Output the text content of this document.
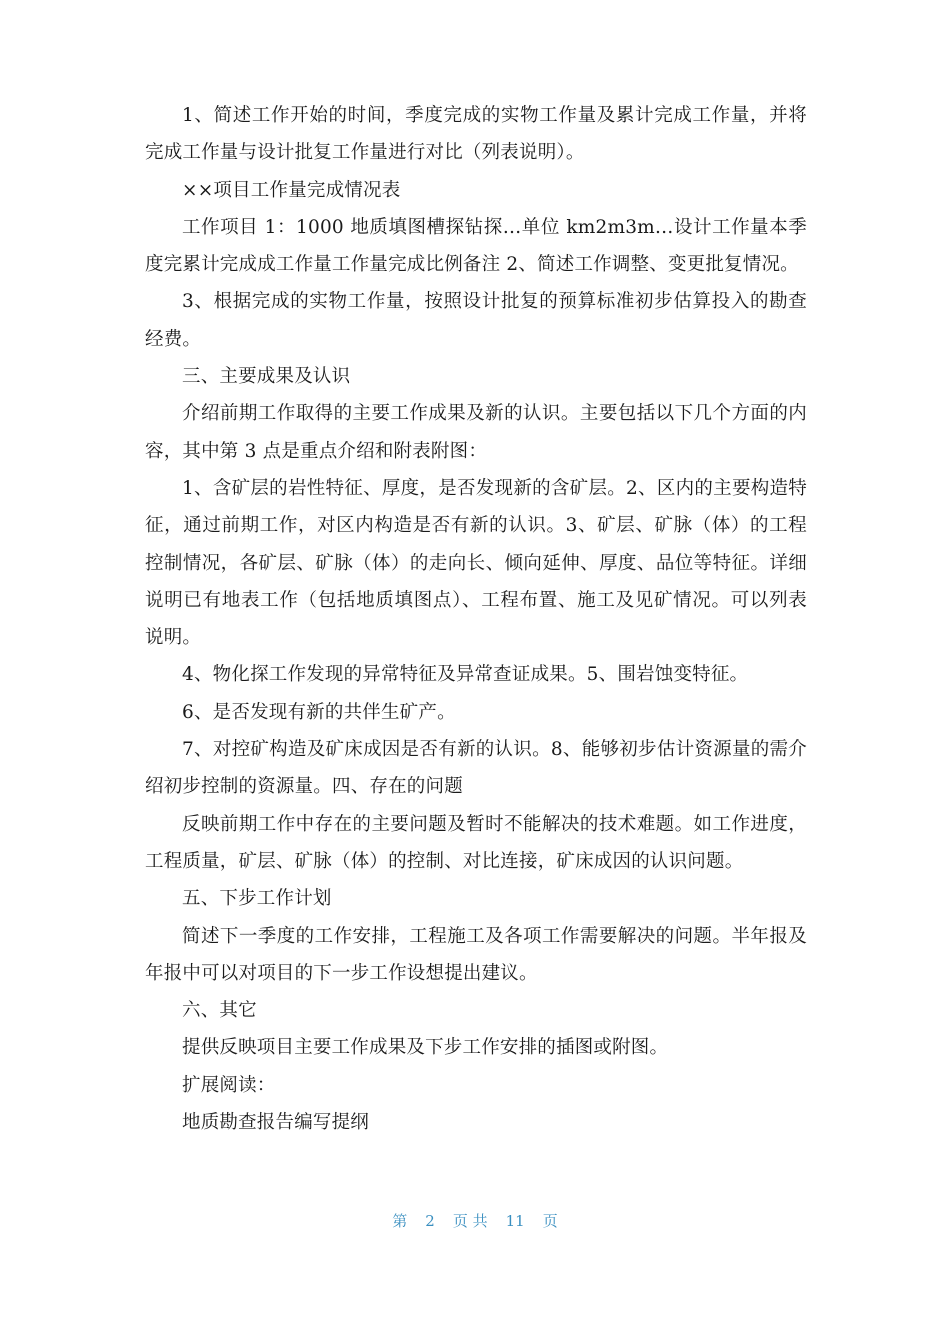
1、简述工作开始的时间，季度完成的实物工作量及累计完成工作量，并将完成工作量与设计批复工作量进行对比（列表说明）。

××项目工作量完成情况表

工作项目 1：1000 地质填图槽探钻探…单位 km2m3m…设计工作量本季度完累计完成成工作量工作量完成比例备注 2、简述工作调整、变更批复情况。

3、根据完成的实物工作量，按照设计批复的预算标准初步估算投入的勘查经费。

三、主要成果及认识

介绍前期工作取得的主要工作成果及新的认识。主要包括以下几个方面的内容，其中第 3 点是重点介绍和附表附图：

1、含矿层的岩性特征、厚度，是否发现新的含矿层。2、区内的主要构造特征，通过前期工作，对区内构造是否有新的认识。3、矿层、矿脉（体）的工程控制情况，各矿层、矿脉（体）的走向长、倾向延伸、厚度、品位等特征。详细说明已有地表工作（包括地质填图点）、工程布置、施工及见矿情况。可以列表说明。

4、物化探工作发现的异常特征及异常查证成果。5、围岩蚀变特征。

6、是否发现有新的共伴生矿产。

7、对控矿构造及矿床成因是否有新的认识。8、能够初步估计资源量的需介绍初步控制的资源量。四、存在的问题

反映前期工作中存在的主要问题及暂时不能解决的技术难题。如工作进度，工程质量，矿层、矿脉（体）的控制、对比连接，矿床成因的认识问题。

五、下步工作计划

简述下一季度的工作安排，工程施工及各项工作需要解决的问题。半年报及年报中可以对项目的下一步工作设想提出建议。

六、其它

提供反映项目主要工作成果及下步工作安排的插图或附图。

扩展阅读：

地质勘查报告编写提纲

第 2 页 共 11 页
